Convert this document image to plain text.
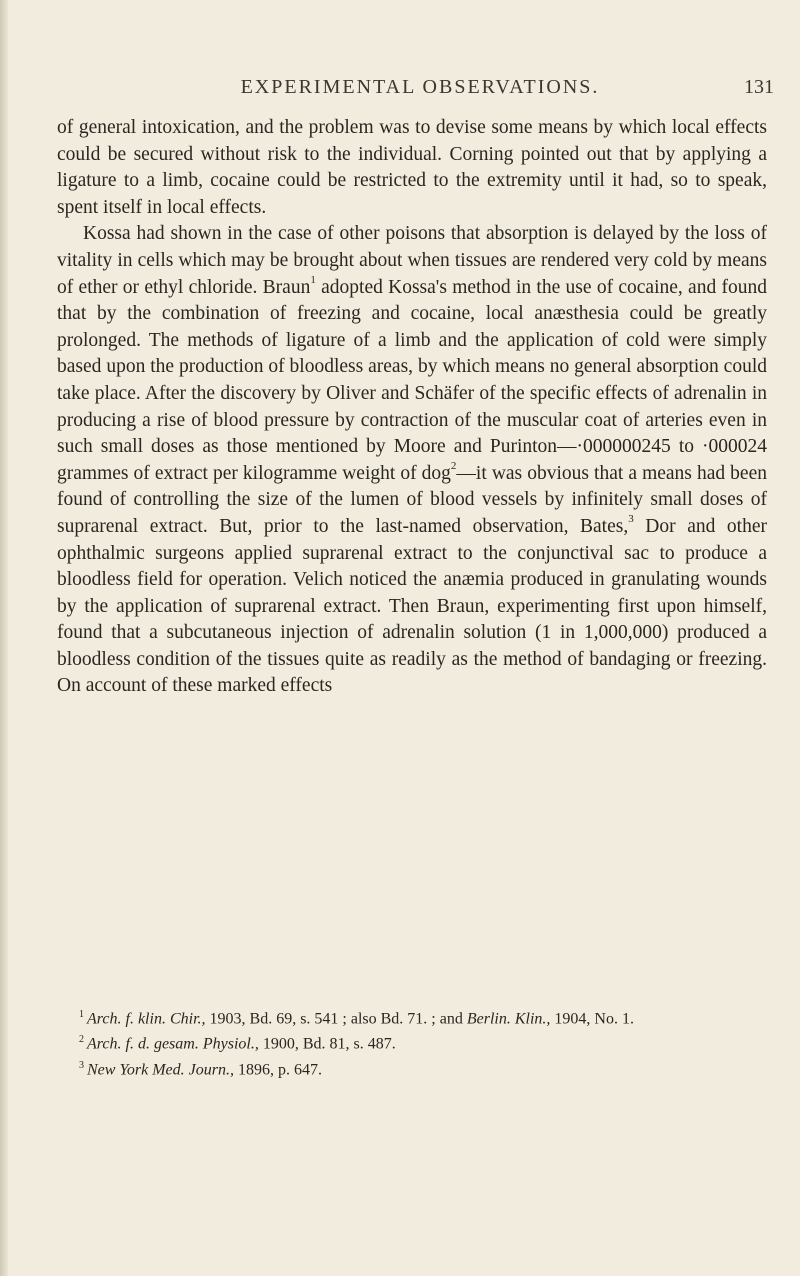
EXPERIMENTAL OBSERVATIONS.	131

of general intoxication, and the problem was to devise some means by which local effects could be secured without risk to the individual. Corning pointed out that by applying a ligature to a limb, cocaine could be restricted to the extremity until it had, so to speak, spent itself in local effects.

Kossa had shown in the case of other poisons that absorption is delayed by the loss of vitality in cells which may be brought about when tissues are rendered very cold by means of ether or ethyl chloride. Braun$^1$ adopted Kossa's method in the use of cocaine, and found that by the combination of freezing and cocaine, local anæsthesia could be greatly prolonged. The methods of ligature of a limb and the application of cold were simply based upon the production of bloodless areas, by which means no general absorption could take place. After the discovery by Oliver and Schäfer of the specific effects of adrenalin in producing a rise of blood pressure by contraction of the muscular coat of arteries even in such small doses as those mentioned by Moore and Purinton—·000000245 to ·000024 grammes of extract per kilogramme weight of dog$^2$—it was obvious that a means had been found of controlling the size of the lumen of blood vessels by infinitely small doses of suprarenal extract. But, prior to the last-named observation, Bates,$^3$ Dor and other ophthalmic surgeons applied suprarenal extract to the conjunctival sac to produce a bloodless field for operation. Velich noticed the anæmia produced in granulating wounds by the application of suprarenal extract. Then Braun, experimenting first upon himself, found that a subcutaneous injection of adrenalin solution (1 in 1,000,000) produced a bloodless condition of the tissues quite as readily as the method of bandaging or freezing. On account of these marked effects

$^1$ Arch. f. klin. Chir., 1903, Bd. 69, s. 541 ; also Bd. 71. ; and Berlin. Klin., 1904, No. 1.

$^2$ Arch. f. d. gesam. Physiol., 1900, Bd. 81, s. 487.

$^3$ New York Med. Journ., 1896, p. 647.
